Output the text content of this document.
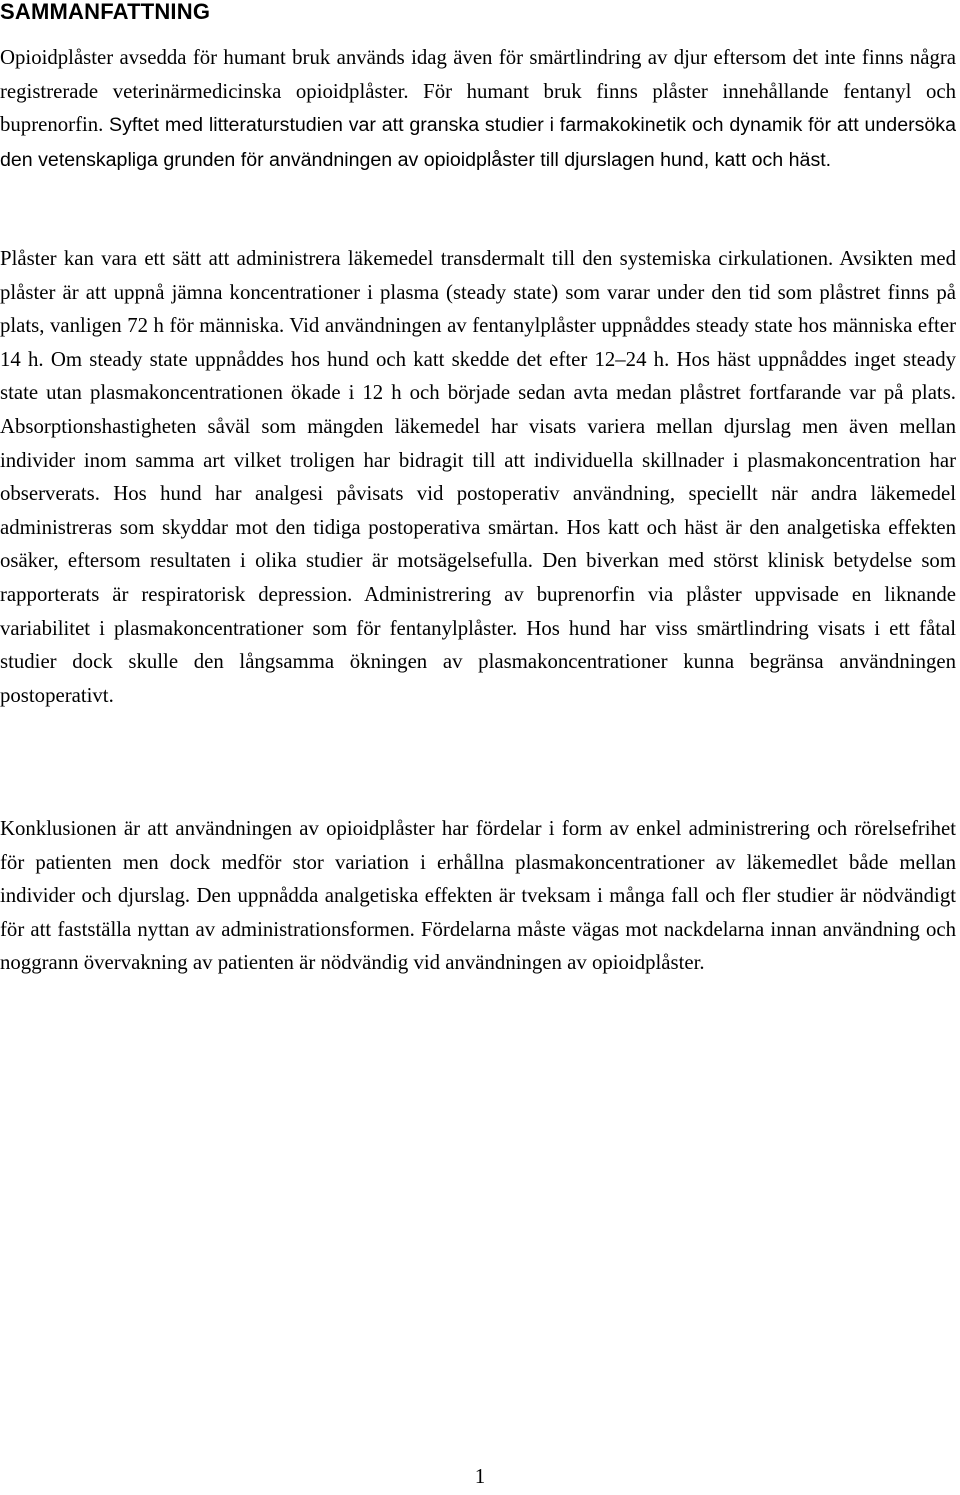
SAMMANFATTNING

Opioidplåster avsedda för humant bruk används idag även för smärtlindring av djur eftersom det inte finns några registrerade veterinärmedicinska opioidplåster. För humant bruk finns plåster innehållande fentanyl och buprenorfin. Syftet med litteraturstudien var att granska studier i farmakokinetik och dynamik för att undersöka den vetenskapliga grunden för användningen av opioidplåster till djurslagen hund, katt och häst.

Plåster kan vara ett sätt att administrera läkemedel transdermalt till den systemiska cirkulationen. Avsikten med plåster är att uppnå jämna koncentrationer i plasma (steady state) som varar under den tid som plåstret finns på plats, vanligen 72 h för människa. Vid användningen av fentanylplåster uppnåddes steady state hos människa efter 14 h. Om steady state uppnåddes hos hund och katt skedde det efter 12–24 h. Hos häst uppnåddes inget steady state utan plasmakoncentrationen ökade i 12 h och började sedan avta medan plåstret fortfarande var på plats. Absorptionshastigheten såväl som mängden läkemedel har visats variera mellan djurslag men även mellan individer inom samma art vilket troligen har bidragit till att individuella skillnader i plasmakoncentration har observerats. Hos hund har analgesi påvisats vid postoperativ användning, speciellt när andra läkemedel administreras som skyddar mot den tidiga postoperativa smärtan. Hos katt och häst är den analgetiska effekten osäker, eftersom resultaten i olika studier är motsägelsefulla. Den biverkan med störst klinisk betydelse som rapporterats är respiratorisk depression. Administrering av buprenorfin via plåster uppvisade en liknande variabilitet i plasmakoncentrationer som för fentanylplåster. Hos hund har viss smärtlindring visats i ett fåtal studier dock skulle den långsamma ökningen av plasmakoncentrationer kunna begränsa användningen postoperativt.

Konklusionen är att användningen av opioidplåster har fördelar i form av enkel administrering och rörelsefrihet för patienten men dock medför stor variation i erhållna plasmakoncentrationer av läkemedlet både mellan individer och djurslag. Den uppnådda analgetiska effekten är tveksam i många fall och fler studier är nödvändigt för att fastställa nyttan av administrationsformen. Fördelarna måste vägas mot nackdelarna innan användning och noggrann övervakning av patienten är nödvändig vid användningen av opioidplåster.

1
